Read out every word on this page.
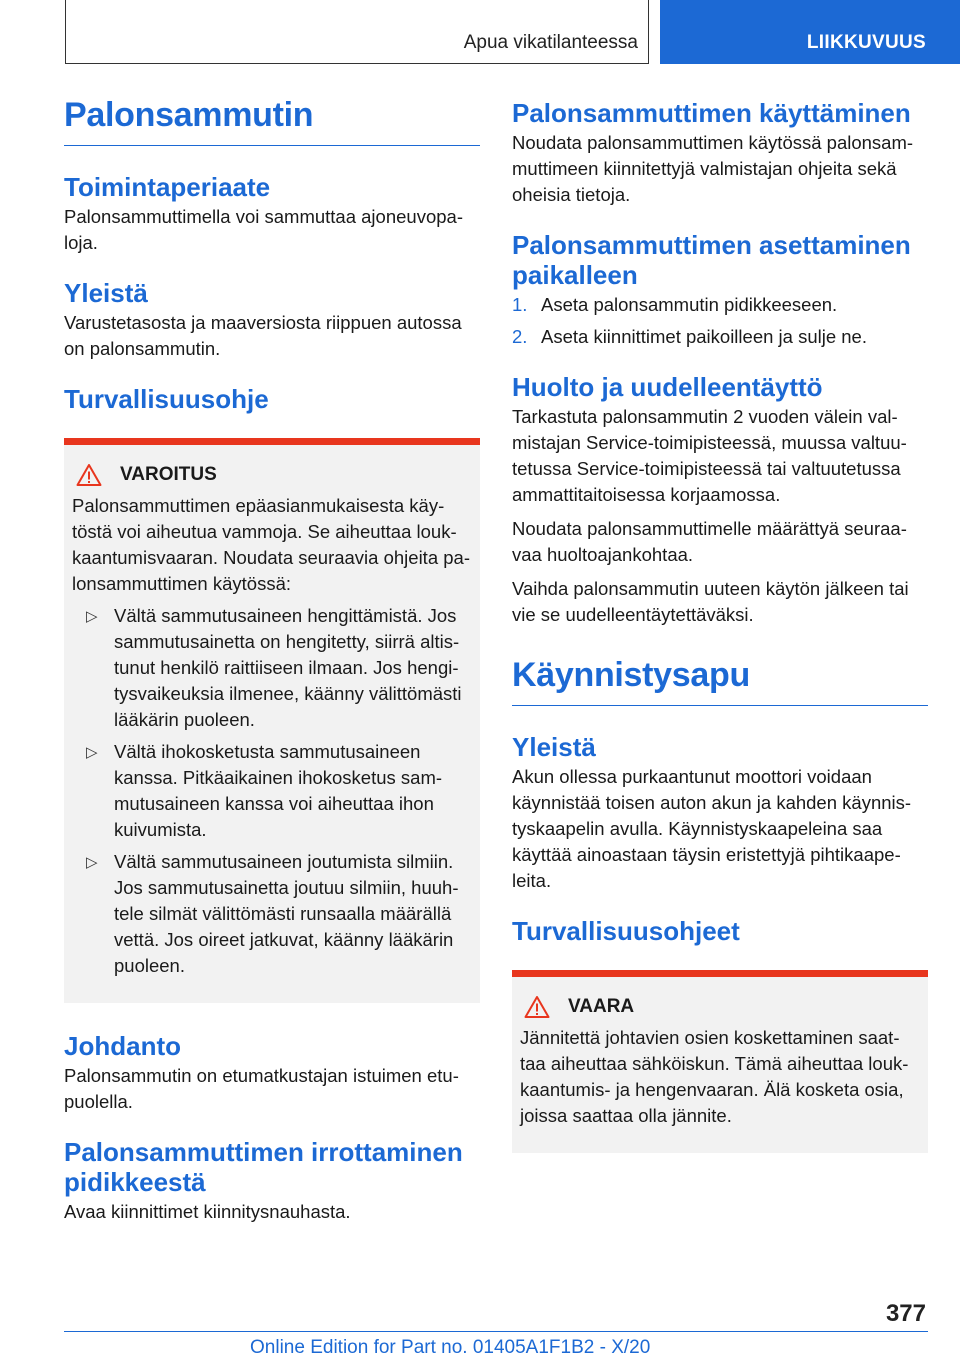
Apua vikatilanteessa	LIIKKUVUUS
Palonsammutin
Toimintaperiaate

Palonsammuttimella voi sammuttaa ajoneuvopaloja.

Yleistä

Varustetasosta ja maaversiosta riippuen autossa on palonsammutin.

Turvallisuusohje
VAROITUS

Palonsammuttimen epäasianmukaisesta käytöstä voi aiheutua vammoja. Se aiheuttaa loukkaantumisvaaran. Noudata seuraavia ohjeita palonsammuttimen käytössä:

▷ Vältä sammutusaineen hengittämistä. Jos sammutusainetta on hengitetty, siirrä altistunut henkilö raittiiseen ilmaan. Jos hengitysvaikeuksia ilmenee, käänny välittömästi lääkärin puoleen.
▷ Vältä ihokosketusta sammutusaineen kanssa. Pitkäaikainen ihokosketus sammutusaineen kanssa voi aiheuttaa ihon kuivumista.
▷ Vältä sammutusaineen joutumista silmiin. Jos sammutusainetta joutuu silmiin, huuhtele silmät välittömästi runsaalla määrällä vettä. Jos oireet jatkuvat, käänny lääkärin puoleen.
Johdanto

Palonsammutin on etumatkustajan istuimen etupuolella.

Palonsammuttimen irrottaminen pidikkeestä

Avaa kiinnittimet kiinnitysnauhasta.

Palonsammuttimen käyttäminen

Noudata palonsammuttimen käytössä palonsammuttimeen kiinnitettyjä valmistajan ohjeita sekä oheisia tietoja.

Palonsammuttimen asettaminen paikalleen
1. Aseta palonsammutin pidikkeeseen.
2. Aseta kiinnittimet paikoilleen ja sulje ne.
Huolto ja uudelleentäyttö

Tarkastuta palonsammutin 2 vuoden välein valmistajan Service-toimipisteessä, muussa valtuutetussa Service-toimipisteessä tai valtuutetussa ammattitaitoisessa korjaamossa.

Noudata palonsammuttimelle määrättyä seuraavaa huoltoajankohtaa.

Vaihda palonsammutin uuteen käytön jälkeen tai vie se uudelleentäytettäväksi.

Käynnistysapu
Yleistä

Akun ollessa purkaantunut moottori voidaan käynnistää toisen auton akun ja kahden käynnistyskaapelin avulla. Käynnistyskaapeleina saa käyttää ainoastaan täysin eristettyjä pihtikaapeleita.

Turvallisuusohjeet
VAARA

Jännitettä johtavien osien koskettaminen saattaa aiheuttaa sähköiskun. Tämä aiheuttaa loukkaantumis- ja hengenvaaran. Älä kosketa osia, joissa saattaa olla jännite.

377
Online Edition for Part no. 01405A1F1B2 - X/20
